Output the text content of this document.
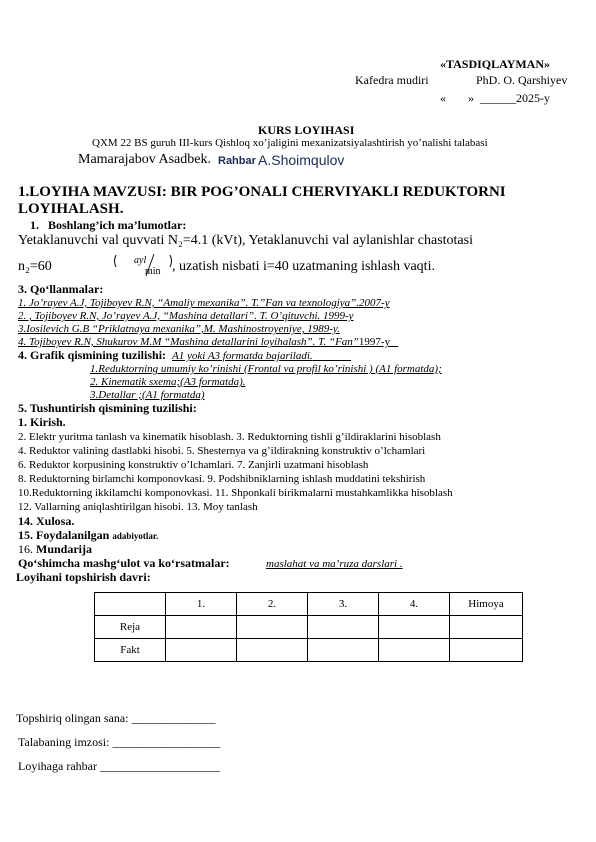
«TASDIQLAYMAN»
Kafedra mudiri	PhD. O. Qarshiyev
« » ______2025-y
KURS LOYIHASI
QXM 22 BS guruh III-kurs Qishloq xo’jaligini mexanizatsiyalashtirish yo’nalishi talabasi
Mamarajabov Asadbek. Rahbar A.Shoimqulov
1.LOYIHA MAVZUSI: BIR POG’ONALI CHERVIYAKLI REDUKTORNI
LOYIHALASH.
1.   Boshlang’ich ma’lumotlar:
Yetaklanuvchi val quvvati N₂=4.1 (kVt), Yetaklanuvchi val aylanishlar chastotasi
n₂=60	ayl
min , uzatish nisbati i=40 uzatmaning ishlash vaqti.
3. Qo‘llanmalar:
1. Jo’rayev A.J, Tojiboyev R.N, “Amaliy mexanika”. T.”Fan va texnologiya”.2007-y
2. , Tojiboyev R.N, Jo’rayev A.J, “Mashina detallari”. T. O’qituvchi. 1999-y
3.Iosilevich G.B “Priklatnaya mexanika”,M. Mashinostroyeniye, 1989-y.
4. Tojiboyev R.N, Shukurov M.M “Mashina detallarini loyihalash”. T. “Fan”1997-y
4. Grafik qismining tuzilishi: A1 yoki A3 formatda bajariladi.
1.Reduktorning umumiy ko’rinishi (Frontal va profil ko’rinishi ) (A1 formatda);
2. Kinematik sxema;(A3 formatda).
3.Detallar ;(A1 formatda)
5. Tushuntirish qismining tuzilishi:
1. Kirish.
2. Elektr yuritma tanlash va kinematik hisoblash. 3. Reduktorning tishli g’ildiraklarini hisoblash
4. Reduktor valining dastlabki hisobi. 5. Shesternya va g’ildirakning konstruktiv o’lchamlari
6. Reduktor korpusining konstruktiv o’lchamlari. 7. Zanjirli uzatmani hisoblash
8. Reduktorning birlamchi komponovkasi. 9. Podshibniklarning ishlash muddatini tekshirish
10.Reduktorning ikkilamchi komponovkasi. 11. Shponkali birikmalarni mustahkamlikka hisoblash
12. Vallarning aniqlashtirilgan hisobi. 13. Moy tanlash
14. Xulosa.
15. Foydalanilgan adabiyotlar.
16. Mundarija
Qo‘shimcha mashg‘ulot va ko‘rsatmalar:	maslahat va ma’ruza darslari .
Loyihani topshirish davri:
	1.	2.	3.	4.	Himoya
Reja					
Fakt					
Topshiriq olingan sana: ______________
Talabaning imzosi: __________________
Loyihaga rahbar ____________________
